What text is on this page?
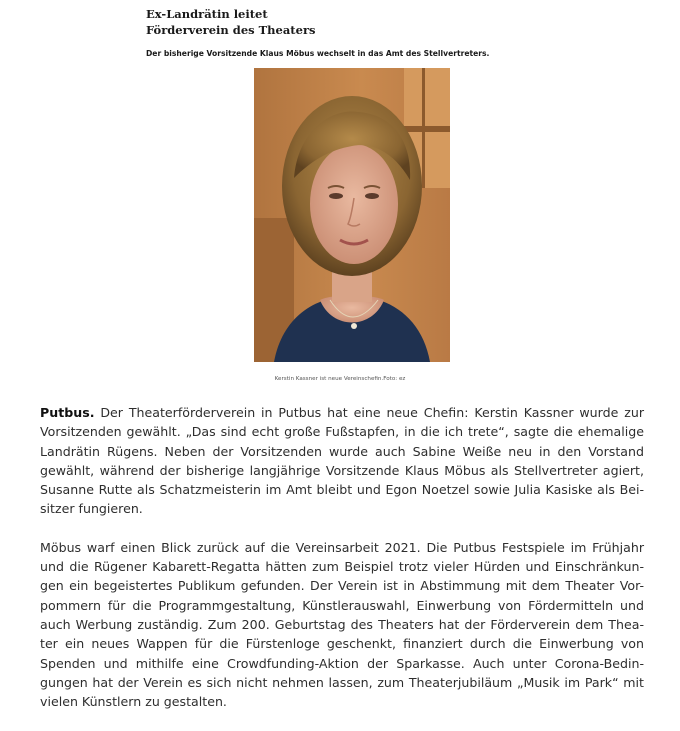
Ex-Landrätin leitet
Förderverein des Theaters
Der bisherige Vorsitzende Klaus Möbus wechselt in das Amt des Stellvertreters.
Kerstin Kassner ist neue Vereinschefin.Foto: ez

Putbus. Der Theaterförderverein in Putbus hat eine neue Chefin: Kerstin Kassner wurde zur
Vorsitzenden gewählt. „Das sind echt große Fußstapfen, in die ich trete“, sagte die ehemalige
Landrätin Rügens. Neben der Vorsitzenden wurde auch Sabine Weiße neu in den Vorstand
gewählt, während der bisherige langjährige Vorsitzende Klaus Möbus als Stellvertreter agiert,
Susanne Rutte als Schatzmeisterin im Amt bleibt und Egon Noetzel sowie Julia Kasiske als Bei-
sitzer fungieren.

Möbus warf einen Blick zurück auf die Vereinsarbeit 2021. Die Putbus Festspiele im Frühjahr
und die Rügener Kabarett-Regatta hätten zum Beispiel trotz vieler Hürden und Einschränkun-
gen ein begeistertes Publikum gefunden. Der Verein ist in Abstimmung mit dem Theater Vor-
pommern für die Programmgestaltung, Künstlerauswahl, Einwerbung von Fördermitteln und
auch Werbung zuständig. Zum 200. Geburtstag des Theaters hat der Förderverein dem Thea-
ter ein neues Wappen für die Fürstenloge geschenkt, finanziert durch die Einwerbung von
Spenden und mithilfe eine Crowdfunding-Aktion der Sparkasse. Auch unter Corona-Bedin-
gungen hat der Verein es sich nicht nehmen lassen, zum Theaterjubiläum „Musik im Park“ mit
vielen Künstlern zu gestalten.
